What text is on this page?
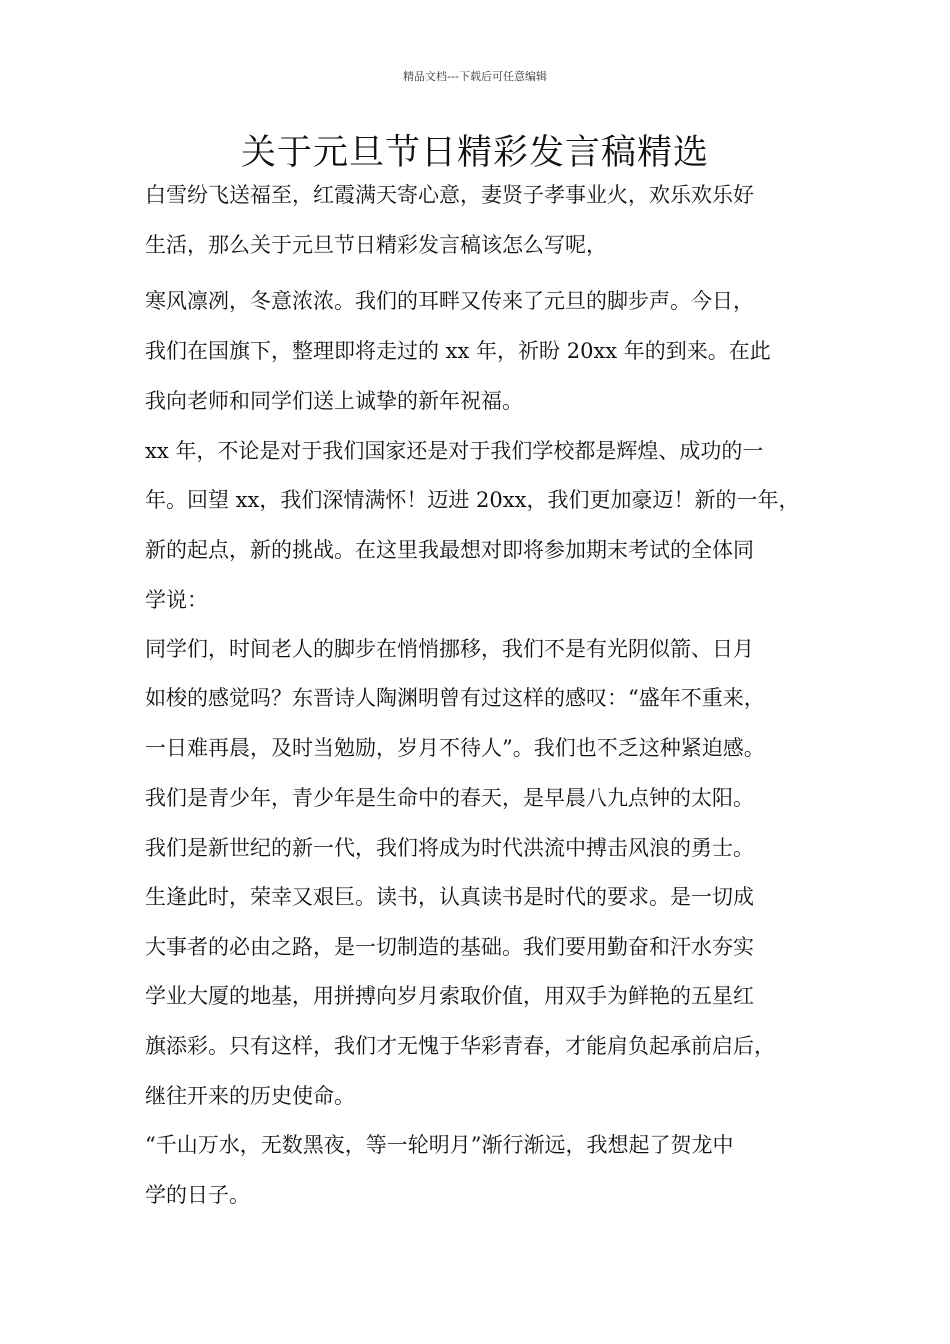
精品文档---下载后可任意编辑
关于元旦节日精彩发言稿精选
白雪纷飞送福至，红霞满天寄心意，妻贤子孝事业火，欢乐欢乐好
生活，那么关于元旦节日精彩发言稿该怎么写呢，
寒风凛冽，冬意浓浓。我们的耳畔又传来了元旦的脚步声。今日，
我们在国旗下，整理即将走过的 xx 年，祈盼 20xx 年的到来。在此
我向老师和同学们送上诚挚的新年祝福。
xx 年，不论是对于我们国家还是对于我们学校都是辉煌、成功的一
年。回望 xx，我们深情满怀！迈进 20xx，我们更加豪迈！新的一年，
新的起点，新的挑战。在这里我最想对即将参加期末考试的全体同
学说：
同学们，时间老人的脚步在悄悄挪移，我们不是有光阴似箭、日月
如梭的感觉吗？东晋诗人陶渊明曾有过这样的感叹：“盛年不重来，
一日难再晨，及时当勉励，岁月不待人”。我们也不乏这种紧迫感。
我们是青少年，青少年是生命中的春天，是早晨八九点钟的太阳。
我们是新世纪的新一代，我们将成为时代洪流中搏击风浪的勇士。
生逢此时，荣幸又艰巨。读书，认真读书是时代的要求。是一切成
大事者的必由之路，是一切制造的基础。我们要用勤奋和汗水夯实
学业大厦的地基，用拼搏向岁月索取价值，用双手为鲜艳的五星红
旗添彩。只有这样，我们才无愧于华彩青春，才能肩负起承前启后，
继往开来的历史使命。
“千山万水，无数黑夜，等一轮明月”渐行渐远，我想起了贺龙中
学的日子。
